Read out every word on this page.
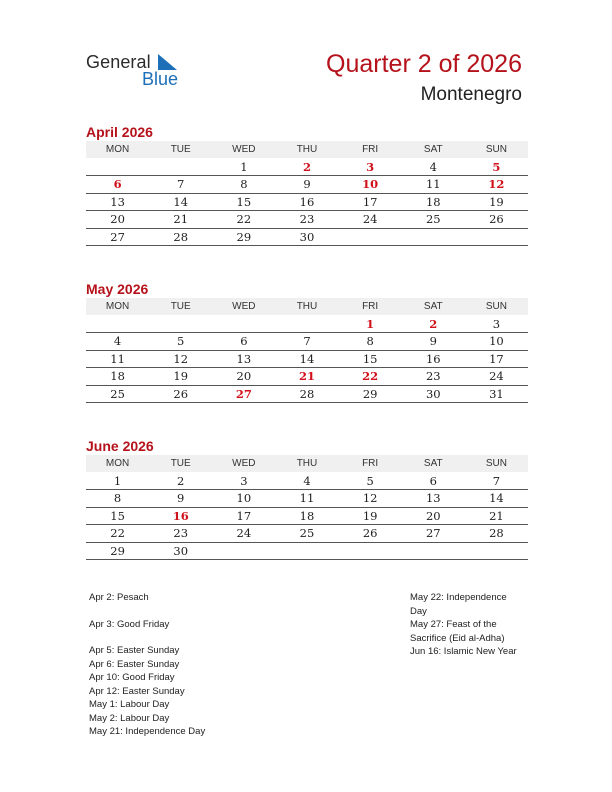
General
Blue
Quarter 2 of 2026
Montenegro
April 2026
MON	TUE	WED	THU	FRI	SAT	SUN
		1	2	3	4	5
6	7	8	9	10	11	12
13	14	15	16	17	18	19
20	21	22	23	24	25	26
27	28	29	30			
May 2026
MON	TUE	WED	THU	FRI	SAT	SUN
				1	2	3
4	5	6	7	8	9	10
11	12	13	14	15	16	17
18	19	20	21	22	23	24
25	26	27	28	29	30	31
June 2026
MON	TUE	WED	THU	FRI	SAT	SUN
1	2	3	4	5	6	7
8	9	10	11	12	13	14
15	16	17	18	19	20	21
22	23	24	25	26	27	28
29	30					
Apr 2: Pesach
Apr 3: Good Friday
Apr 5: Easter Sunday
Apr 6: Easter Sunday
Apr 10: Good Friday
Apr 12: Easter Sunday
May 1: Labour Day
May 2: Labour Day
May 21: Independence Day
May 22: Independence
Day
May 27: Feast of the
Sacrifice (Eid al-Adha)
Jun 16: Islamic New Year
